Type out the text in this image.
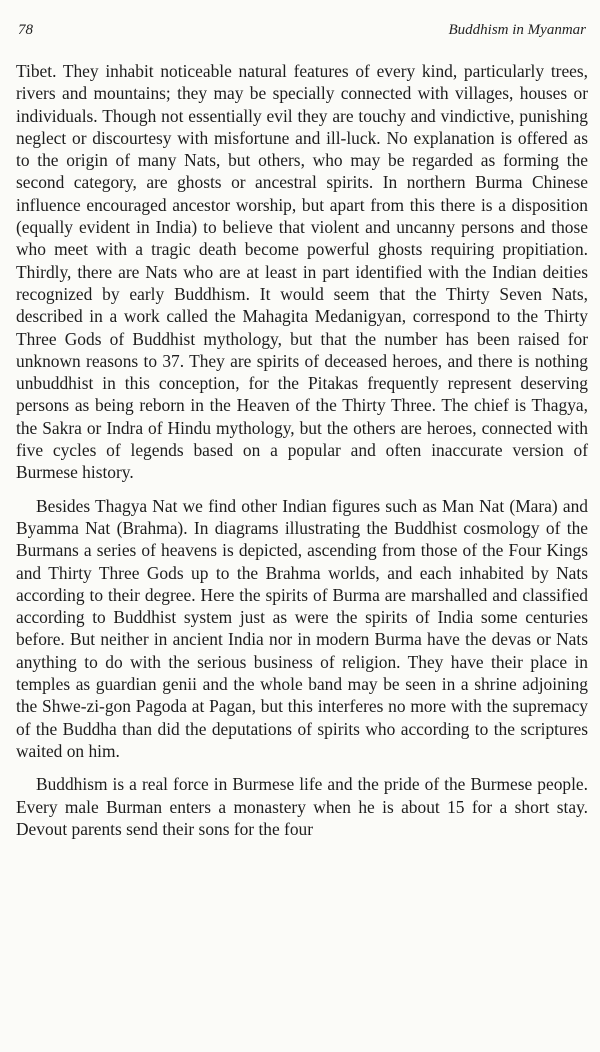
78	Buddhism in Myanmar

Tibet. They inhabit noticeable natural features of every kind, particularly trees, rivers and mountains; they may be specially connected with villages, houses or individuals. Though not essentially evil they are touchy and vindictive, punishing neglect or discourtesy with misfortune and ill-luck. No explanation is offered as to the origin of many Nats, but others, who may be regarded as forming the second category, are ghosts or ancestral spirits. In northern Burma Chinese influence encouraged ancestor worship, but apart from this there is a disposition (equally evident in India) to believe that violent and uncanny persons and those who meet with a tragic death become powerful ghosts requiring propitiation. Thirdly, there are Nats who are at least in part identified with the Indian deities recognized by early Buddhism. It would seem that the Thirty Seven Nats, described in a work called the Mahagita Medanigyan, correspond to the Thirty Three Gods of Buddhist mythology, but that the number has been raised for unknown reasons to 37. They are spirits of deceased heroes, and there is nothing unbuddhist in this conception, for the Pitakas frequently represent deserving persons as being reborn in the Heaven of the Thirty Three. The chief is Thagya, the Sakra or Indra of Hindu mythology, but the others are heroes, connected with five cycles of legends based on a popular and often inaccurate version of Burmese history.

Besides Thagya Nat we find other Indian figures such as Man Nat (Mara) and Byamma Nat (Brahma). In diagrams illustrating the Buddhist cosmology of the Burmans a series of heavens is depicted, ascending from those of the Four Kings and Thirty Three Gods up to the Brahma worlds, and each inhabited by Nats according to their degree. Here the spirits of Burma are marshalled and classified according to Buddhist system just as were the spirits of India some centuries before. But neither in ancient India nor in modern Burma have the devas or Nats anything to do with the serious business of religion. They have their place in temples as guardian genii and the whole band may be seen in a shrine adjoining the Shwe-zi-gon Pagoda at Pagan, but this interferes no more with the supremacy of the Buddha than did the deputations of spirits who according to the scriptures waited on him.

Buddhism is a real force in Burmese life and the pride of the Burmese people. Every male Burman enters a monastery when he is about 15 for a short stay. Devout parents send their sons for the four
